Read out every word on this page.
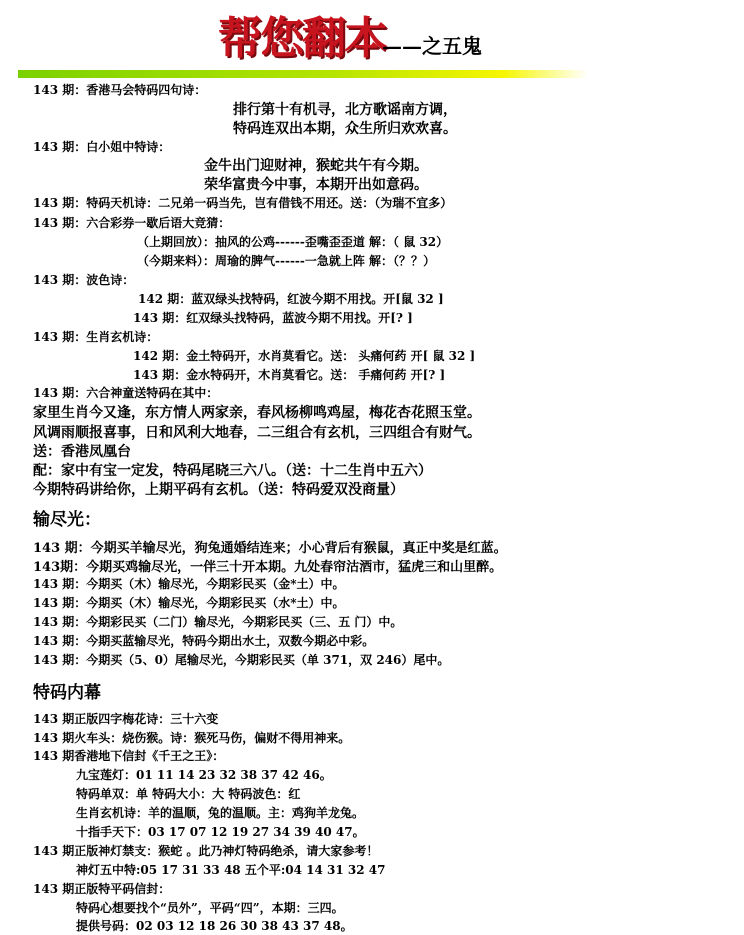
帮您翻本
——之五鬼
143 期：香港马会特码四句诗：
排行第十有机寻，北方歌谣南方调，
特码连双出本期，众生所归欢欢喜。
143 期：白小姐中特诗：
金牛出门迎财神，猴蛇共午有今期。
荣华富贵今中事，本期开出如意码。
143 期：特码天机诗：二兄弟一码当先，岂有借钱不用还。送：（为瑞不宜多）
143 期：六合彩券一歇后语大竞猜：
（上期回放）：抽风的公鸡------歪嘴歪歪道 解：（ 鼠 32）
（今期来料）：周瑜的脾气------一急就上阵 解：（？？）
143 期：波色诗：
142 期：蓝双绿头找特码，红波今期不用找。开[鼠 32 ]
143 期：红双绿头找特码，蓝波今期不用找。开[? ]
143 期：生肖玄机诗：
142 期：金土特码开，水肖莫看它。送： 头痛何药 开[ 鼠 32 ]
143 期：金水特码开，木肖莫看它。送： 手痛何药 开[? ]
143 期：六合神童送特码在其中：
家里生肖今又逢，东方情人两家亲，春风杨柳鸣鸡屋，梅花杏花照玉堂。
风调雨顺报喜事，日和风利大地春，二三组合有玄机，三四组合有财气。
送：香港凤凰台
配：家中有宝一定发，特码尾晓三六八。（送：十二生肖中五六）
今期特码讲给你，上期平码有玄机。（送：特码爱双没商量）
输尽光：
143 期：今期买羊输尽光，狗兔通婚结连来；小心背后有猴鼠，真正中奖是红蓝。
143期：今期买鸡输尽光，一伴三十开本期。九处春帘沽酒市，猛虎三和山里醉。
143 期：今期买（木）输尽光，今期彩民买（金*土）中。
143 期：今期买（木）输尽光，今期彩民买（水*土）中。
143 期：今期彩民买（二门）输尽光，今期彩民买（三、五 门）中。
143 期：今期买蓝输尽光，特码今期出水土，双数今期必中彩。
143 期：今期买（5、0）尾输尽光，今期彩民买（单 371，双 246）尾中。
特码内幕
143 期正版四字梅花诗：三十六变
143 期火车头：烧伤猴。诗：猴死马伤，偏财不得用神来。
143 期香港地下信封《千王之王》：
九宝莲灯：01 11 14 23 32 38 37 42 46。
特码单双：单 特码大小：大 特码波色：红
生肖玄机诗：羊的温顺，兔的温顺。主：鸡狗羊龙兔。
十指手天下：03 17 07 12 19 27 34 39 40 47。
143 期正版神灯禁支：猴蛇 。此乃神灯特码绝杀，请大家参考！
神灯五中特:05 17 31 33 48 五个平:04 14 31 32 47
143 期正版特平码信封：
特码心想要找个“员外”，平码“四”，本期：三四。
提供号码：02 03 12 18 26 30 38 43 37 48。
